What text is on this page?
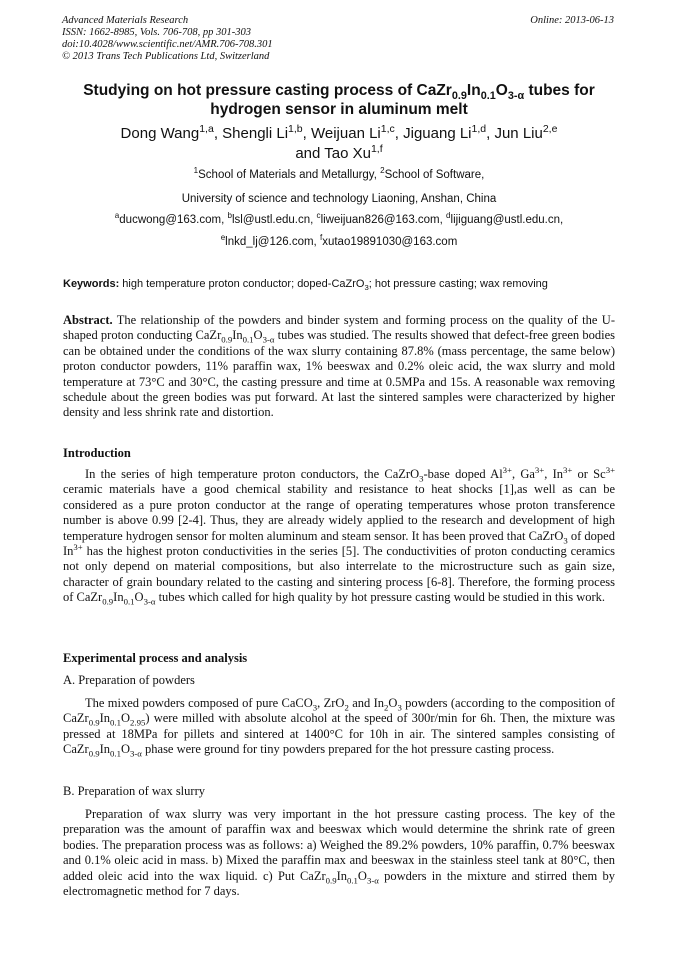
Advanced Materials Research
ISSN: 1662-8985, Vols. 706-708, pp 301-303
doi:10.4028/www.scientific.net/AMR.706-708.301
© 2013 Trans Tech Publications Ltd, Switzerland
Online: 2013-06-13
Studying on hot pressure casting process of $CaZr_{0.9}In_{0.1}O_{3-\alpha}$ tubes for
hydrogen sensor in aluminum melt
Dong Wang$^{1,a}$, Shengli Li$^{1,b}$, Weijuan Li$^{1,c}$, Jiguang Li$^{1,d}$, Jun Liu$^{2,e}$
and Tao Xu$^{1,f}$
$^1$School of Materials and Metallurgy, $^2$School of Software,
University of science and technology Liaoning, Anshan, China
$^a$ducwong@163.com, $^b$lsl@ustl.edu.cn, $^c$liweijuan826@163.com, $^d$lijiguang@ustl.edu.cn,
$^e$lnkd_lj@126.com, $^f$xutao19891030@163.com
Keywords: high temperature proton conductor; doped-CaZrO$_3$; hot pressure casting; wax removing
Abstract. The relationship of the powders and binder system and forming process on the quality of the U-shaped proton conducting $CaZr_{0.9}In_{0.1}O_{3-\alpha}$ tubes was studied. The results showed that defect-free green bodies can be obtained under the conditions of the wax slurry containing 87.8% (mass percentage, the same below) proton conductor powders, 11% paraffin wax, 1% beeswax and 0.2% oleic acid, the wax slurry and mold temperature at 73°C and 30°C, the casting pressure and time at 0.5MPa and 15s. A reasonable wax removing schedule about the green bodies was put forward. At last the sintered samples were characterized by higher density and less shrink rate and distortion.
Introduction
In the series of high temperature proton conductors, the CaZrO$_3$-base doped $Al^{3+}$, $Ga^{3+}$, $In^{3+}$ or $Sc^{3+}$ ceramic materials have a good chemical stability and resistance to heat shocks [1],as well as can be considered as a pure proton conductor at the range of operating temperatures whose proton transference number is above 0.99 [2-4]. Thus, they are already widely applied to the research and development of high temperature hydrogen sensor for molten aluminum and steam sensor. It has been proved that CaZrO$_3$ of doped $In^{3+}$ has the highest proton conductivities in the series [5]. The conductivities of proton conducting ceramics not only depend on material compositions, but also interrelate to the microstructure such as gain size, character of grain boundary related to the casting and sintering process [6-8]. Therefore, the forming process of $CaZr_{0.9}In_{0.1}O_{3-\alpha}$ tubes which called for high quality by hot pressure casting would be studied in this work.
Experimental process and analysis
A. Preparation of powders
The mixed powders composed of pure CaCO$_3$, ZrO$_2$ and $In_2O_3$ powders (according to the composition of $CaZr_{0.9}In_{0.1}O_{2.95}$) were milled with absolute alcohol at the speed of 300r/min for 6h. Then, the mixture was pressed at 18MPa for pillets and sintered at 1400°C for 10h in air. The sintered samples consisting of $CaZr_{0.9}In_{0.1}O_{3-\alpha}$ phase were ground for tiny powders prepared for the hot pressure casting process.
B. Preparation of wax slurry
Preparation of wax slurry was very important in the hot pressure casting process. The key of the preparation was the amount of paraffin wax and beeswax which would determine the shrink rate of green bodies. The preparation process was as follows: a) Weighed the 89.2% powders, 10% paraffin, 0.7% beeswax and 0.1% oleic acid in mass. b) Mixed the paraffin max and beeswax in the stainless steel tank at 80°C, then added oleic acid into the wax liquid. c) Put $CaZr_{0.9}In_{0.1}O_{3-\alpha}$ powders in the mixture and stirred them by electromagnetic method for 7 days.
